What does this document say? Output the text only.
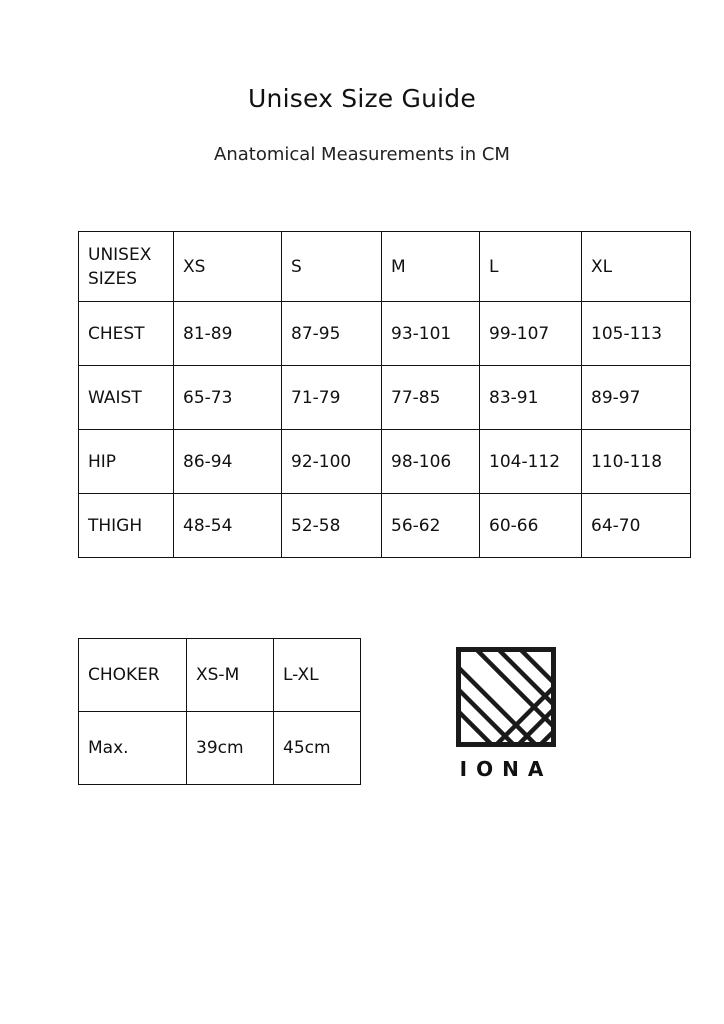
Unisex Size Guide
Anatomical Measurements in CM
UNISEX
SIZES	XS	S	M	L	XL
CHEST	81-89	87-95	93-101	99-107	105-113
WAIST	65-73	71-79	77-85	83-91	89-97
HIP	86-94	92-100	98-106	104-112	110-118
THIGH	48-54	52-58	56-62	60-66	64-70
CHOKER	XS-M	L-XL
Max.	39cm	45cm
IONA
